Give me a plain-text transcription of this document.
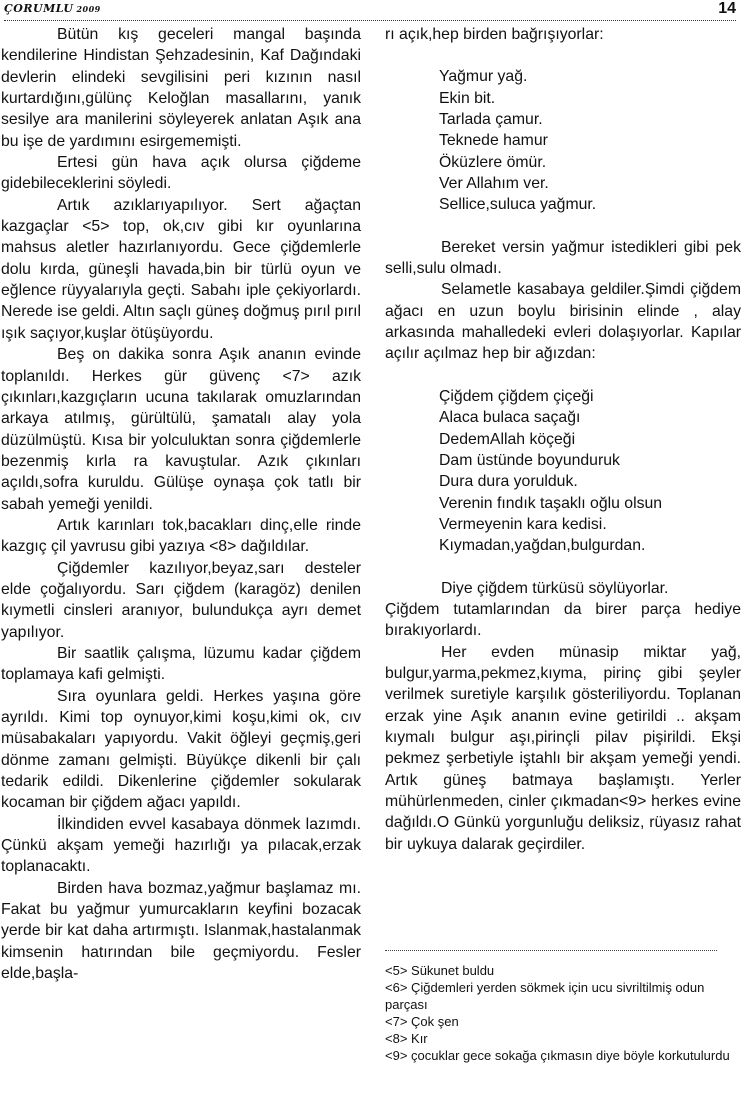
ÇORUMLU 2009	14

Bütün kış geceleri mangal başında kendilerine Hindistan Şehzadesinin, Kaf Dağındaki devlerin elindeki sevgilisini peri kızının nasıl kurtardığını,gülünç Keloğlan masallarını, yanık sesilye ara manilerini söyleyerek anlatan Aşık ana bu işe de yardımını esirgememişti.

Ertesi gün hava açık olursa çiğdeme gidebileceklerini söyledi.

Artık azıklarıyapılıyor. Sert ağaçtan kazgaçlar <5> top, ok,cıv gibi kır oyunlarına mahsus aletler hazırlanıyordu. Gece çiğdemlerle dolu kırda, güneşli havada,bin bir türlü oyun ve eğlence rüyyalarıyla geçti. Sabahı iple çekiyorlardı. Nerede ise geldi. Altın saçlı güneş doğmuş pırıl pırıl ışık saçıyor,kuşlar ötüşüyordu.

Beş on dakika sonra Aşık ananın evinde toplanıldı. Herkes gür güvenç <7> azık çıkınları,kazgıçların ucuna takılarak omuzlarından arkaya atılmış, gürültülü, şamatalı alay yola düzülmüştü. Kısa bir yolculuktan sonra çiğdemlerle bezenmiş kırla ra kavuştular. Azık çıkınları açıldı,sofra kuruldu. Gülüşe oynaşa çok tatlı bir sabah yemeği yenildi.

Artık karınları tok,bacakları dinç,elle rinde kazgıç çil yavrusu gibi yazıya <8> dağıldılar.

Çiğdemler kazılıyor,beyaz,sarı desteler elde çoğalıyordu. Sarı çiğdem (karagöz) denilen kıymetli cinsleri aranıyor, bulundukça ayrı demet yapılıyor.

Bir saatlik çalışma, lüzumu kadar çiğdem toplamaya kafi gelmişti.

Sıra oyunlara geldi. Herkes yaşına göre ayrıldı. Kimi top oynuyor,kimi koşu,kimi ok, cıv müsabakaları yapıyordu. Vakit öğleyi geçmiş,geri dönme zamanı gelmişti. Büyükçe dikenli bir çalı tedarik edildi. Dikenlerine çiğdemler sokularak kocaman bir çiğdem ağacı yapıldı.

İlkindiden evvel kasabaya dönmek lazımdı. Çünkü akşam yemeği hazırlığı ya pılacak,erzak toplanacaktı.

Birden hava bozmaz,yağmur başlamaz mı. Fakat bu yağmur yumurcakların keyfini bozacak yerde bir kat daha artırmıştı. Islanmak,hastalanmak kimsenin hatırından bile geçmiyordu. Fesler elde,başla-

rı açık,hep birden bağrışıyorlar:

Yağmur yağ.
Ekin bit.
Tarlada çamur.
Teknede hamur
Öküzlere ömür.
Ver Allahım ver.
Sellice,suluca yağmur.

Bereket versin yağmur istedikleri gibi pek selli,sulu olmadı.

Selametle kasabaya geldiler.Şimdi çiğdem ağacı en uzun boylu birisinin elinde , alay arkasında mahalledeki evleri dolaşıyorlar. Kapılar açılır açılmaz hep bir ağızdan:

Çiğdem çiğdem çiçeği
Alaca bulaca saçağı
DedemAllah köçeği
Dam üstünde boyunduruk
Dura dura yorulduk.
Verenin fındık taşaklı oğlu olsun
Vermeyenin kara kedisi.
Kıymadan,yağdan,bulgurdan.

Diye çiğdem türküsü söylüyorlar.

Çiğdem tutamlarından da birer parça hediye bırakıyorlardı.

Her evden münasip miktar yağ, bulgur,yarma,pekmez,kıyma, pirinç gibi şeyler verilmek suretiyle karşılık gösteriliyordu. Toplanan erzak yine Aşık ananın evine getirildi .. akşam kıymalı bulgur aşı,pirinçli pilav pişirildi. Ekşi pekmez şerbetiyle iştahlı bir akşam yemeği yendi. Artık güneş batmaya başlamıştı. Yerler mühürlenmeden, cinler çıkmadan<9> herkes evine dağıldı.O Günkü yorgunluğu deliksiz, rüyasız rahat bir uykuya dalarak geçirdiler.

<5> Sükunet buldu

<6> Çiğdemleri yerden sökmek için ucu sivriltilmiş odun parçası

<7> Çok şen

<8> Kır

<9> çocuklar gece sokağa çıkmasın diye böyle korkutulurdu
